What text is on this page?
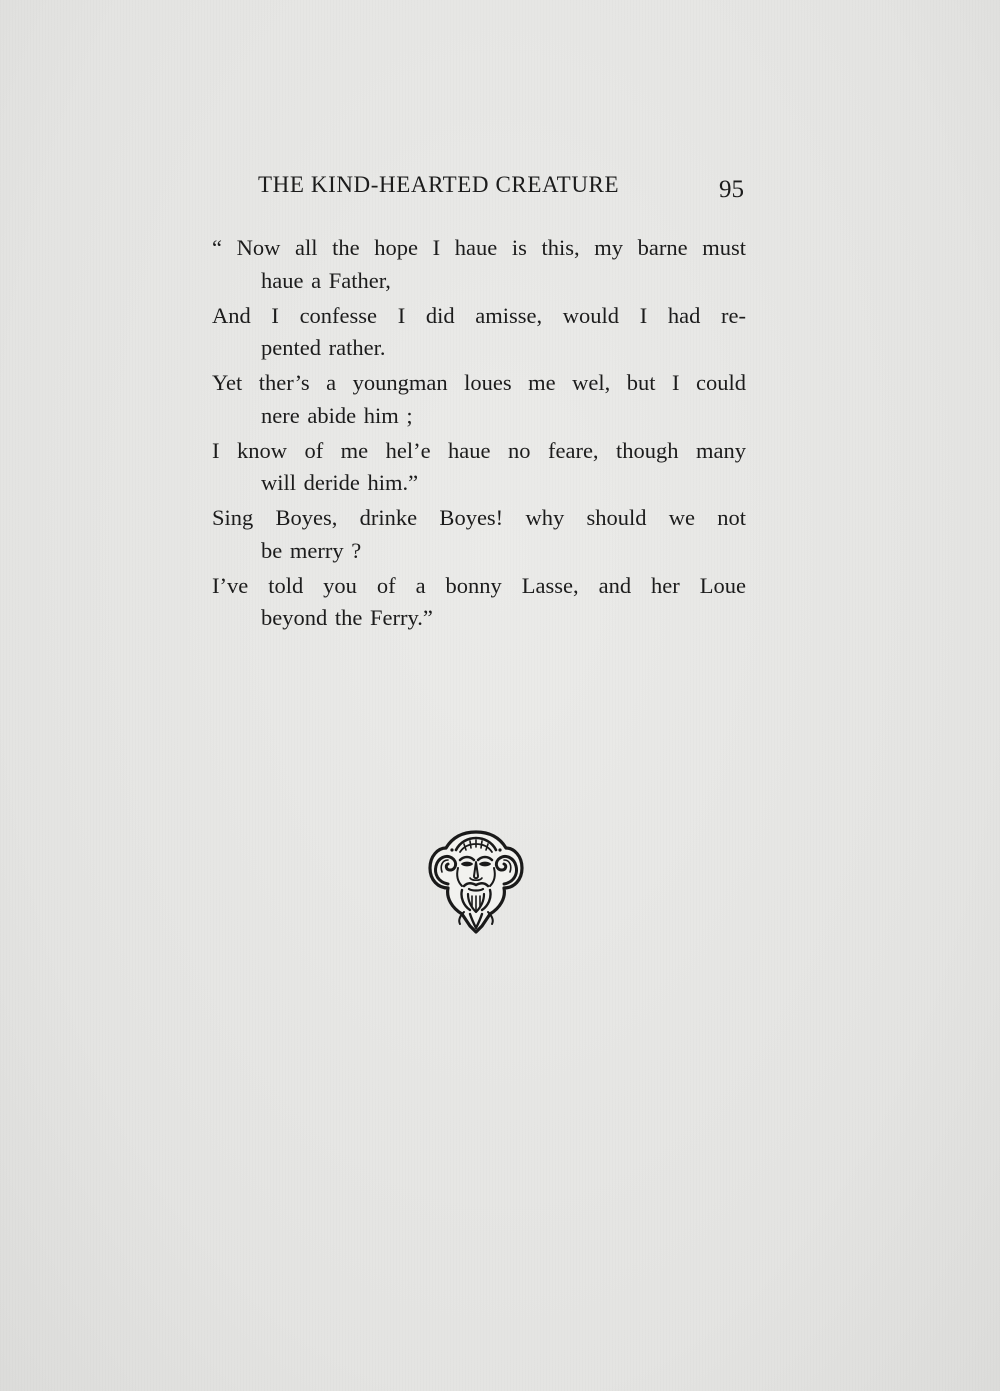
THE KIND-HEARTED CREATURE	95
“ Now all the hope I haue is this, my barne must
haue a Father,
And I confesse I did amisse, would I had re-
pented rather.
Yet ther’s a youngman loues me wel, but I could
nere abide him ;
I know of me hel’e haue no feare, though many
will deride him.”
Sing Boyes, drinke Boyes! why should we not
be merry ?
I’ve told you of a bonny Lasse, and her Loue
beyond the Ferry.”
